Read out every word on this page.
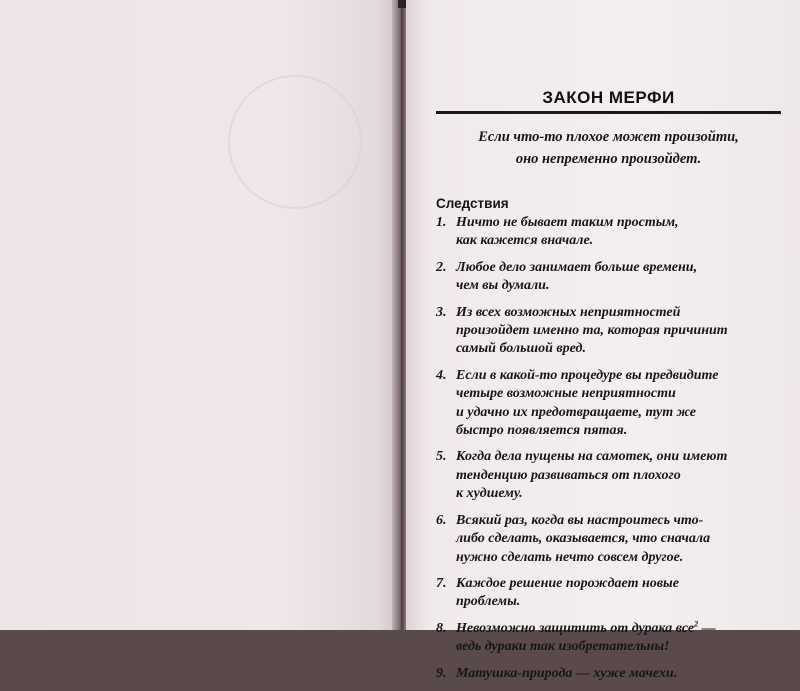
ЗАКОН МЕРФИ
Если что-то плохое может произойти,
оно непременно произойдет.
Следствия
1. Ничто не бывает таким простым,
как кажется вначале.
2. Любое дело занимает больше времени,
чем вы думали.
3. Из всех возможных неприятностей
произойдет именно та, которая причинит
самый большой вред.
4. Если в какой-то процедуре вы предвидите
четыре возможные неприятности
и удачно их предотвращаете, тут же
быстро появляется пятая.
5. Когда дела пущены на самотек, они имеют
тенденцию развиваться от плохого
к худшему.
6. Всякий раз, когда вы настроитесь что-
либо сделать, оказывается, что сначала
нужно сделать нечто совсем другое.
7. Каждое решение порождает новые
проблемы.
8. Невозможно защитить от дурака все$^2$ —
ведь дураки так изобретательны!
9. Матушка-природа — хуже мачехи.
